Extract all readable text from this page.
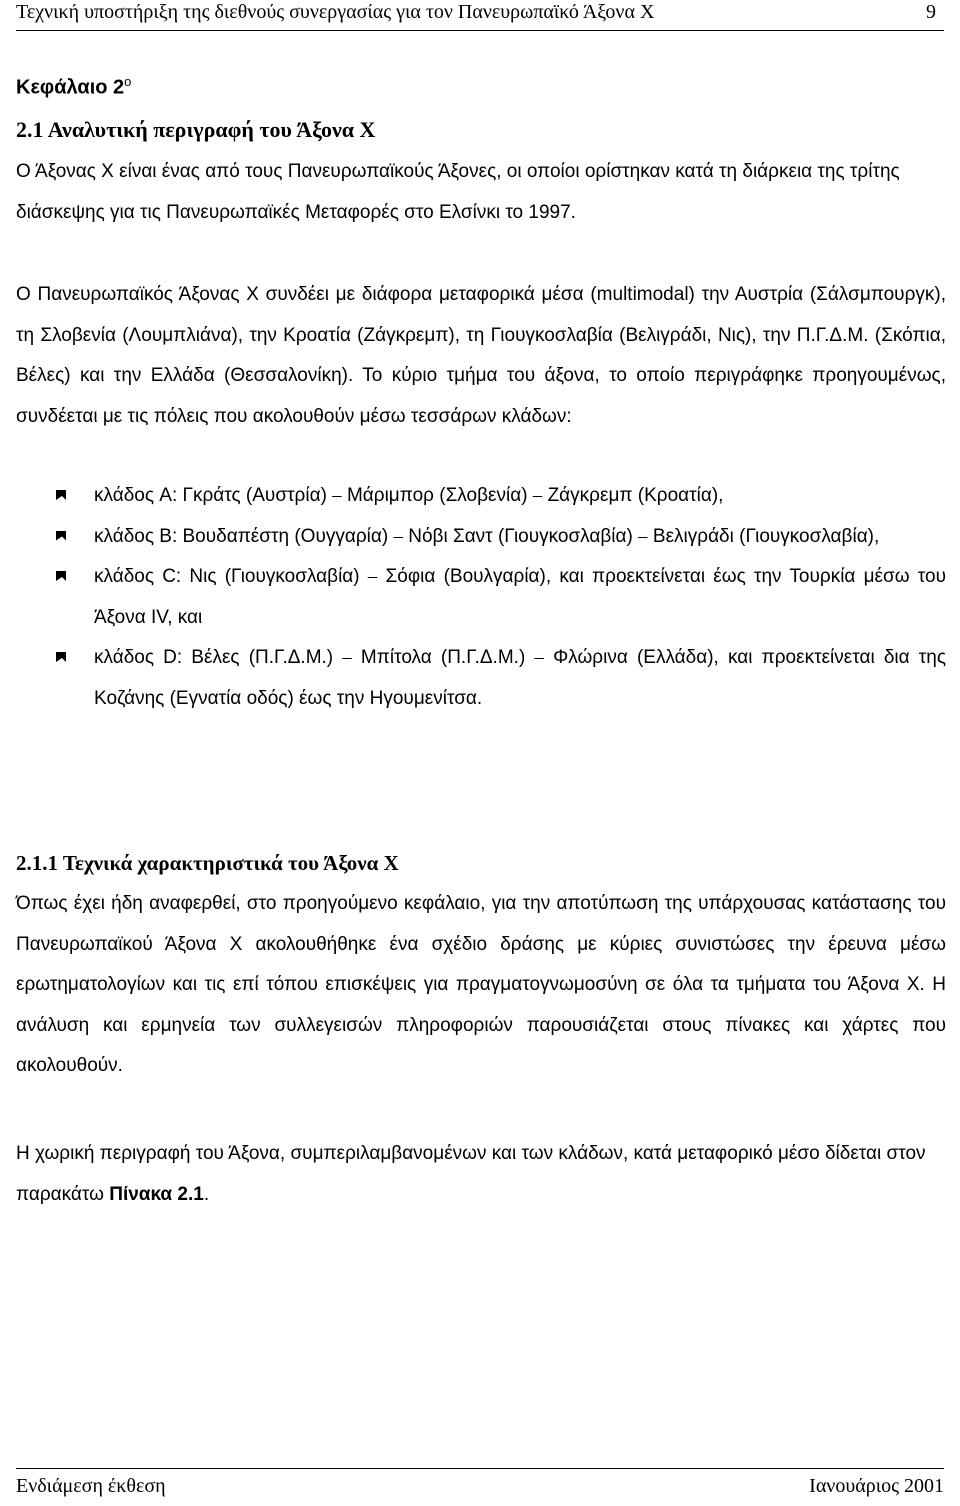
Τεχνική υποστήριξη της διεθνούς συνεργασίας για τον Πανευρωπαϊκό Άξονα Χ	9
Κεφάλαιο $2^o$
2.1 Αναλυτική περιγραφή του Άξονα Χ
Ο Άξονας Χ είναι ένας από τους Πανευρωπαϊκούς Άξονες, οι οποίοι ορίστηκαν κατά τη διάρκεια της τρίτης διάσκεψης για τις Πανευρωπαϊκές Μεταφορές στο Ελσίνκι το 1997.
Ο Πανευρωπαϊκός Άξονας Χ συνδέει με διάφορα μεταφορικά μέσα (multimodal) την Αυστρία (Σάλσμπουργκ), τη Σλοβενία (Λουμπλιάνα), την Κροατία (Ζάγκρεμπ), τη Γιουγκοσλαβία (Βελιγράδι, Νις), την Π.Γ.Δ.Μ. (Σκόπια, Βέλες) και την Ελλάδα (Θεσσαλονίκη). Το κύριο τμήμα του άξονα, το οποίο περιγράφηκε προηγουμένως, συνδέεται με τις πόλεις που ακολουθούν μέσω τεσσάρων κλάδων:
κλάδος A: Γκράτς (Αυστρία) ⎯ Μάριμπορ (Σλοβενία) ⎯ Ζάγκρεμπ (Κροατία),
κλάδος B: Βουδαπέστη (Ουγγαρία) ⎯ Νόβι Σαντ (Γιουγκοσλαβία) ⎯ Βελιγράδι (Γιουγκοσλαβία),
κλάδος C: Νις (Γιουγκοσλαβία) ⎯ Σόφια (Βουλγαρία), και προεκτείνεται έως την Τουρκία μέσω του Άξονα IV, και
κλάδος D: Βέλες (Π.Γ.Δ.Μ.) ⎯ Μπίτολα (Π.Γ.Δ.Μ.) ⎯ Φλώρινα (Ελλάδα), και προεκτείνεται δια της Κοζάνης (Εγνατία οδός) έως την Ηγουμενίτσα.
2.1.1 Τεχνικά χαρακτηριστικά του Άξονα Χ
Όπως έχει ήδη αναφερθεί, στο προηγούμενο κεφάλαιο, για την αποτύπωση της υπάρχουσας κατάστασης του Πανευρωπαϊκού Άξονα Χ ακολουθήθηκε ένα σχέδιο δράσης με κύριες συνιστώσες την έρευνα μέσω ερωτηματολογίων και τις επί τόπου επισκέψεις για πραγματογνωμοσύνη σε όλα τα τμήματα του Άξονα Χ. Η ανάλυση και ερμηνεία των συλλεγεισών πληροφοριών παρουσιάζεται στους πίνακες και χάρτες που ακολουθούν.
Η χωρική περιγραφή του Άξονα, συμπεριλαμβανομένων και των κλάδων, κατά μεταφορικό μέσο δίδεται στον παρακάτω Πίνακα 2.1.
Ενδιάμεση έκθεση	Ιανουάριος 2001
